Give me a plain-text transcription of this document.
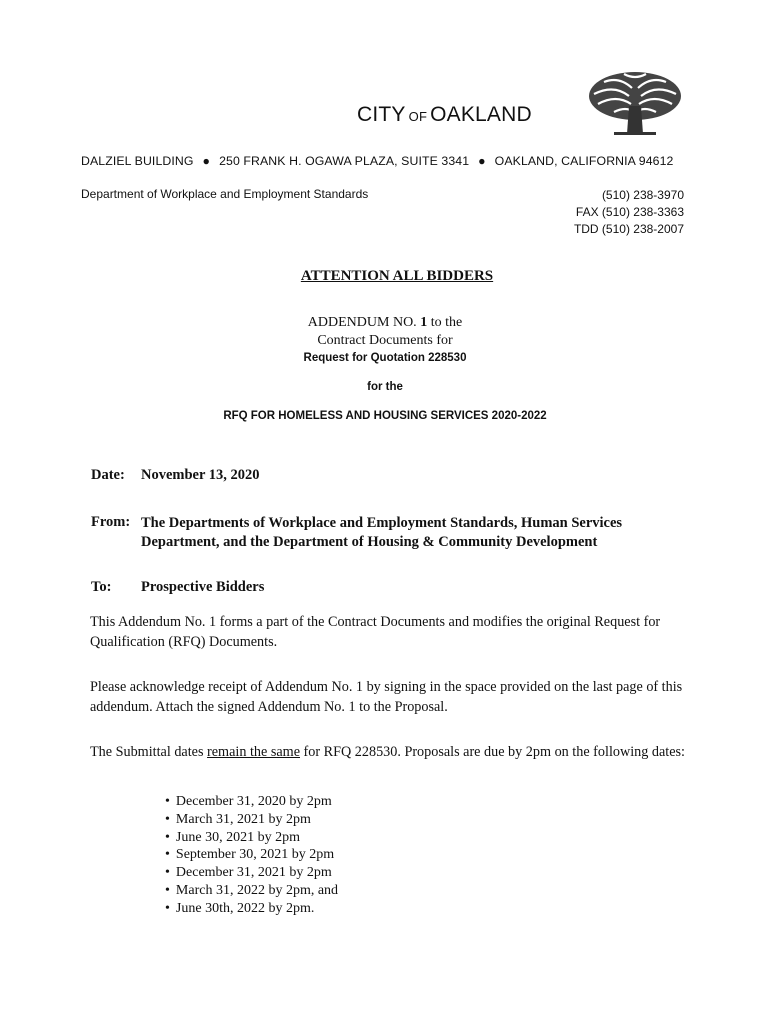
CITY OF OAKLAND
DALZIEL BUILDING ● 250 FRANK H. OGAWA PLAZA, SUITE 3341 ● OAKLAND, CALIFORNIA 94612
Department of Workplace and Employment Standards	(510) 238-3970
FAX (510) 238-3363
TDD (510) 238-2007
ATTENTION ALL BIDDERS
ADDENDUM NO. 1 to the
Contract Documents for
Request for Quotation 228530
for the
RFQ FOR HOMELESS AND HOUSING SERVICES 2020-2022
Date: November 13, 2020
From: The Departments of Workplace and Employment Standards, Human Services Department, and the Department of Housing & Community Development
To: Prospective Bidders
This Addendum No. 1 forms a part of the Contract Documents and modifies the original Request for Qualification (RFQ) Documents.
Please acknowledge receipt of Addendum No. 1 by signing in the space provided on the last page of this addendum. Attach the signed Addendum No. 1 to the Proposal.
The Submittal dates remain the same for RFQ 228530. Proposals are due by 2pm on the following dates:
• December 31, 2020 by 2pm
• March 31, 2021 by 2pm
• June 30, 2021 by 2pm
• September 30, 2021 by 2pm
• December 31, 2021 by 2pm
• March 31, 2022 by 2pm, and
• June 30th, 2022 by 2pm.
